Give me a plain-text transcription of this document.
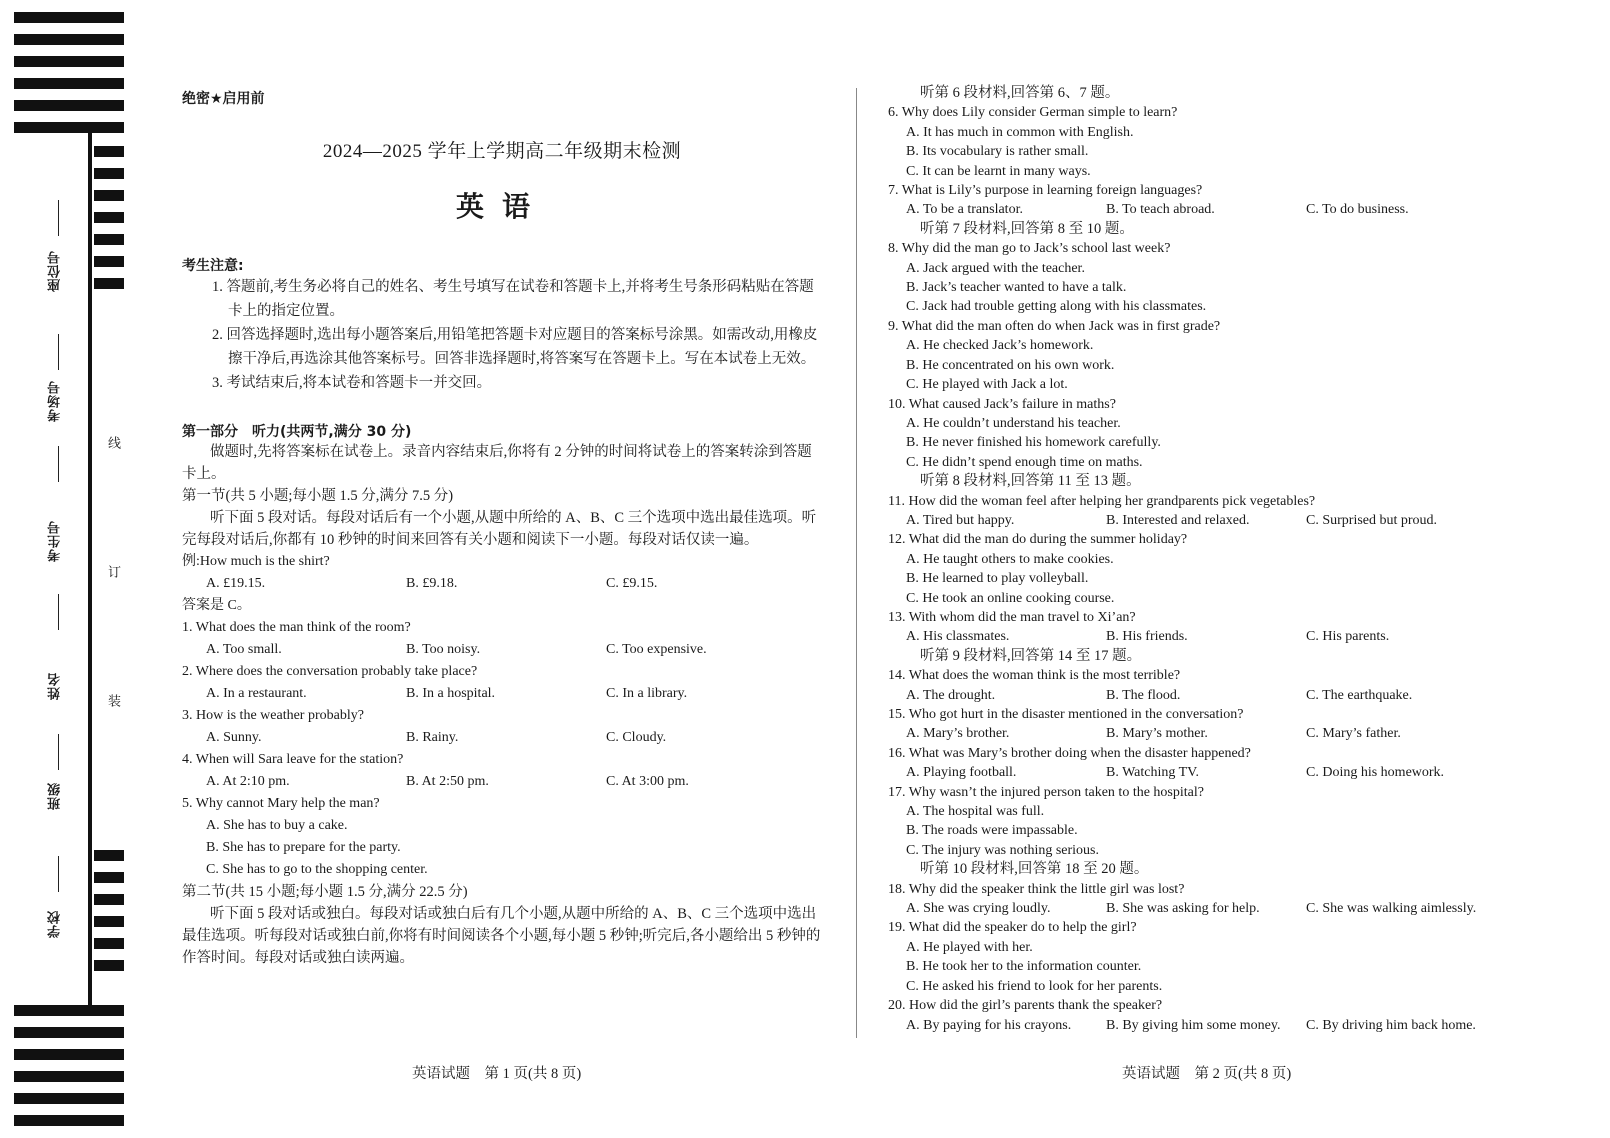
座位号
考场号
考生号
姓名
班级
学校
线
订
装
绝密★启用前
2024—2025 学年上学期高二年级期末检测
英语
考生注意:

1. 答题前,考生务必将自己的姓名、考生号填写在试卷和答题卡上,并将考生号条形码粘贴在答题卡上的指定位置。

2. 回答选择题时,选出每小题答案后,用铅笔把答题卡对应题目的答案标号涂黑。如需改动,用橡皮擦干净后,再选涂其他答案标号。回答非选择题时,将答案写在答题卡上。写在本试卷上无效。

3. 考试结束后,将本试卷和答题卡一并交回。

第一部分　听力(共两节,满分 30 分)
做题时,先将答案标在试卷上。录音内容结束后,你将有 2 分钟的时间将试卷上的答案转涂到答题卡上。
第一节(共 5 小题;每小题 1.5 分,满分 7.5 分)
听下面 5 段对话。每段对话后有一个小题,从题中所给的 A、B、C 三个选项中选出最佳选项。听完每段对话后,你都有 10 秒钟的时间来回答有关小题和阅读下一小题。每段对话仅读一遍。
例:How much is the shirt?
A. £19.15.	B. £9.18.	C. £9.15.
答案是 C。
1. What does the man think of the room?
A. Too small.	B. Too noisy.	C. Too expensive.
2. Where does the conversation probably take place?
A. In a restaurant.	B. In a hospital.	C. In a library.
3. How is the weather probably?
A. Sunny.	B. Rainy.	C. Cloudy.
4. When will Sara leave for the station?
A. At 2:10 pm.	B. At 2:50 pm.	C. At 3:00 pm.
5. Why cannot Mary help the man?
A. She has to buy a cake.
B. She has to prepare for the party.
C. She has to go to the shopping center.
第二节(共 15 小题;每小题 1.5 分,满分 22.5 分)
听下面 5 段对话或独白。每段对话或独白后有几个小题,从题中所给的 A、B、C 三个选项中选出最佳选项。听每段对话或独白前,你将有时间阅读各个小题,每小题 5 秒钟;听完后,各小题给出 5 秒钟的作答时间。每段对话或独白读两遍。
听第 6 段材料,回答第 6、7 题。
6. Why does Lily consider German simple to learn?
A. It has much in common with English.
B. Its vocabulary is rather small.
C. It can be learnt in many ways.
7. What is Lily’s purpose in learning foreign languages?
A. To be a translator.	B. To teach abroad.	C. To do business.
听第 7 段材料,回答第 8 至 10 题。
8. Why did the man go to Jack’s school last week?
A. Jack argued with the teacher.
B. Jack’s teacher wanted to have a talk.
C. Jack had trouble getting along with his classmates.
9. What did the man often do when Jack was in first grade?
A. He checked Jack’s homework.
B. He concentrated on his own work.
C. He played with Jack a lot.
10. What caused Jack’s failure in maths?
A. He couldn’t understand his teacher.
B. He never finished his homework carefully.
C. He didn’t spend enough time on maths.
听第 8 段材料,回答第 11 至 13 题。
11. How did the woman feel after helping her grandparents pick vegetables?
A. Tired but happy.	B. Interested and relaxed.	C. Surprised but proud.
12. What did the man do during the summer holiday?
A. He taught others to make cookies.
B. He learned to play volleyball.
C. He took an online cooking course.
13. With whom did the man travel to Xi’an?
A. His classmates.	B. His friends.	C. His parents.
听第 9 段材料,回答第 14 至 17 题。
14. What does the woman think is the most terrible?
A. The drought.	B. The flood.	C. The earthquake.
15. Who got hurt in the disaster mentioned in the conversation?
A. Mary’s brother.	B. Mary’s mother.	C. Mary’s father.
16. What was Mary’s brother doing when the disaster happened?
A. Playing football.	B. Watching TV.	C. Doing his homework.
17. Why wasn’t the injured person taken to the hospital?
A. The hospital was full.
B. The roads were impassable.
C. The injury was nothing serious.
听第 10 段材料,回答第 18 至 20 题。
18. Why did the speaker think the little girl was lost?
A. She was crying loudly.	B. She was asking for help.	C. She was walking aimlessly.
19. What did the speaker do to help the girl?
A. He played with her.
B. He took her to the information counter.
C. He asked his friend to look for her parents.
20. How did the girl’s parents thank the speaker?
A. By paying for his crayons.	B. By giving him some money.	C. By driving him back home.
英语试题　第 1 页(共 8 页)	英语试题　第 2 页(共 8 页)
